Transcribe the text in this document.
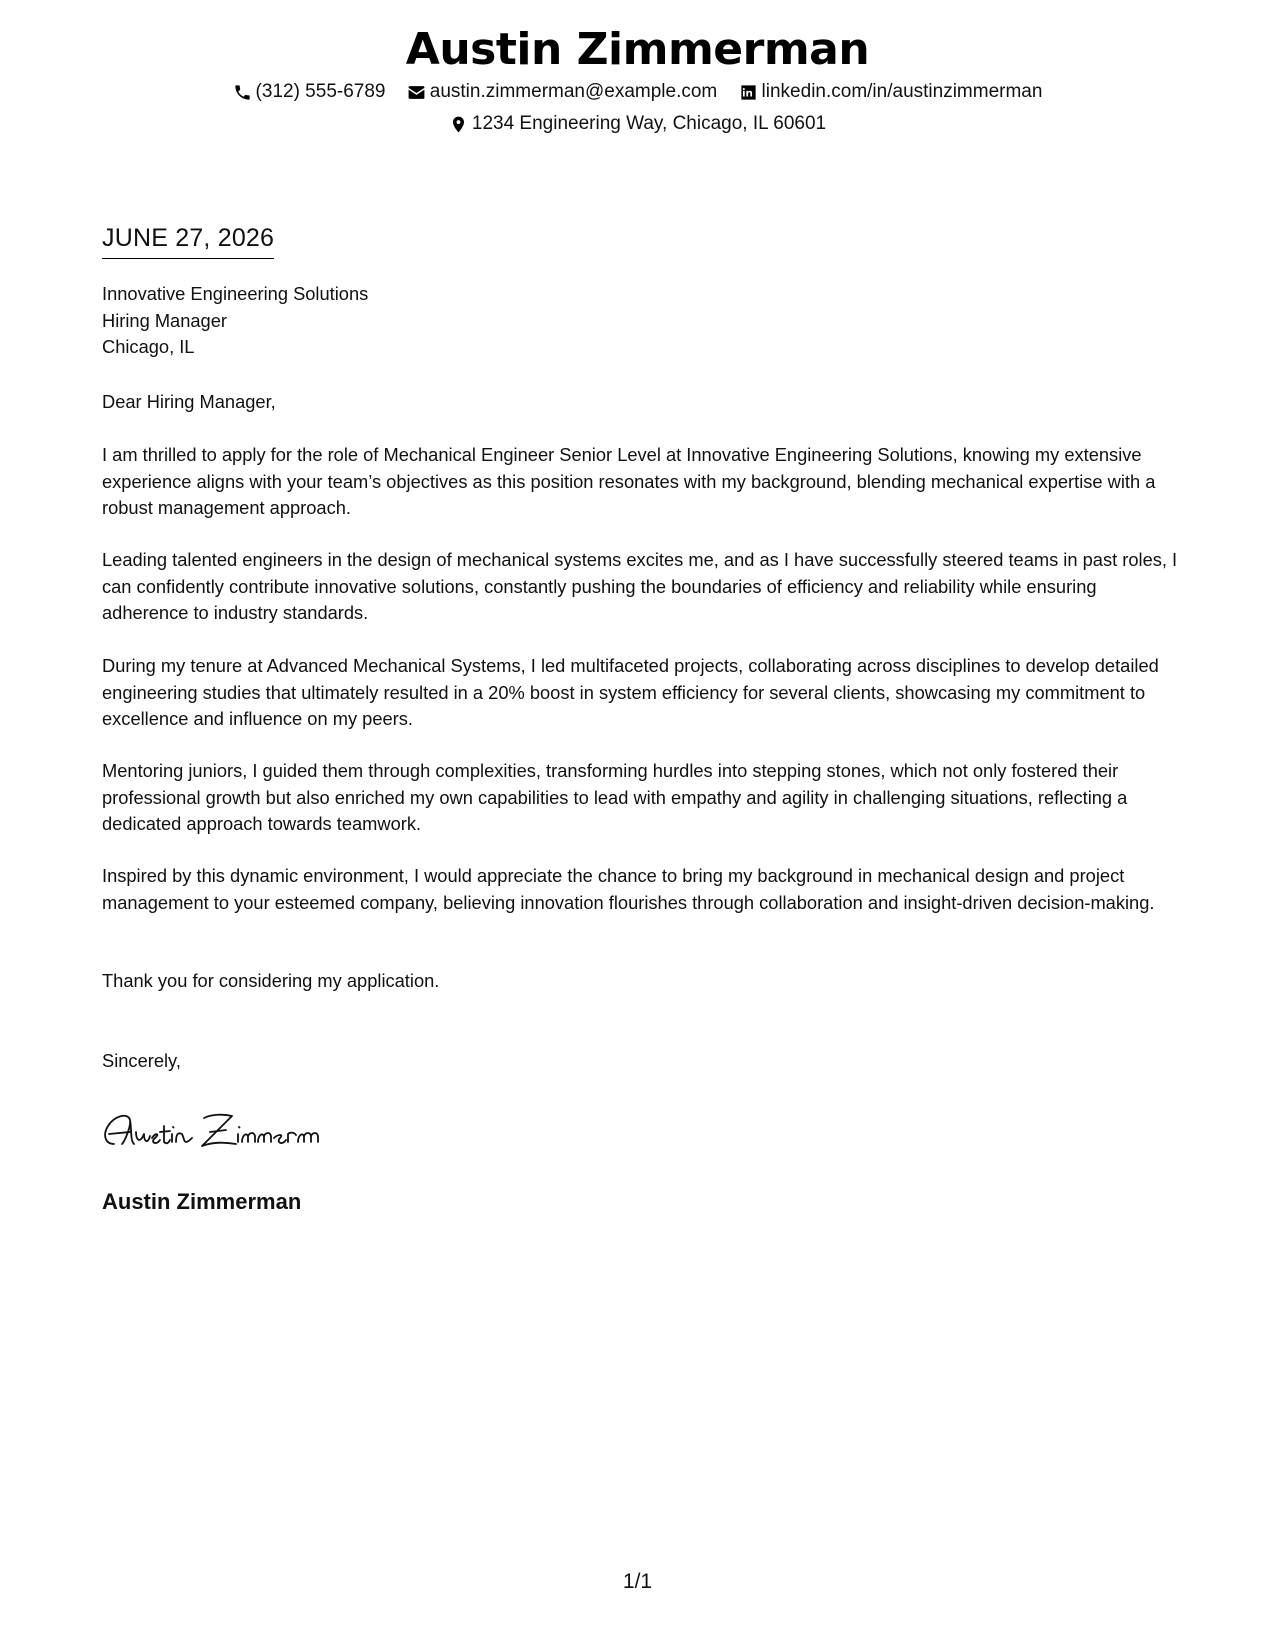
Austin Zimmerman
(312) 555-6789
austin.zimmerman@example.com
linkedin.com/in/austinzimmerman
1234 Engineering Way, Chicago, IL 60601
JUNE 27, 2026
Innovative Engineering Solutions
Hiring Manager
Chicago, IL
Dear Hiring Manager,
I am thrilled to apply for the role of Mechanical Engineer Senior Level at Innovative Engineering Solutions, knowing my extensive experience aligns with your team’s objectives as this position resonates with my background, blending mechanical expertise with a robust management approach.
Leading talented engineers in the design of mechanical systems excites me, and as I have successfully steered teams in past roles, I can confidently contribute innovative solutions, constantly pushing the boundaries of efficiency and reliability while ensuring adherence to industry standards.
During my tenure at Advanced Mechanical Systems, I led multifaceted projects, collaborating across disciplines to develop detailed engineering studies that ultimately resulted in a 20% boost in system efficiency for several clients, showcasing my commitment to excellence and influence on my peers.
Mentoring juniors, I guided them through complexities, transforming hurdles into stepping stones, which not only fostered their professional growth but also enriched my own capabilities to lead with empathy and agility in challenging situations, reflecting a dedicated approach towards teamwork.
Inspired by this dynamic environment, I would appreciate the chance to bring my background in mechanical design and project management to your esteemed company, believing innovation flourishes through collaboration and insight-driven decision-making.
Thank you for considering my application.
Sincerely,
Austin Zimmerman
1/1
